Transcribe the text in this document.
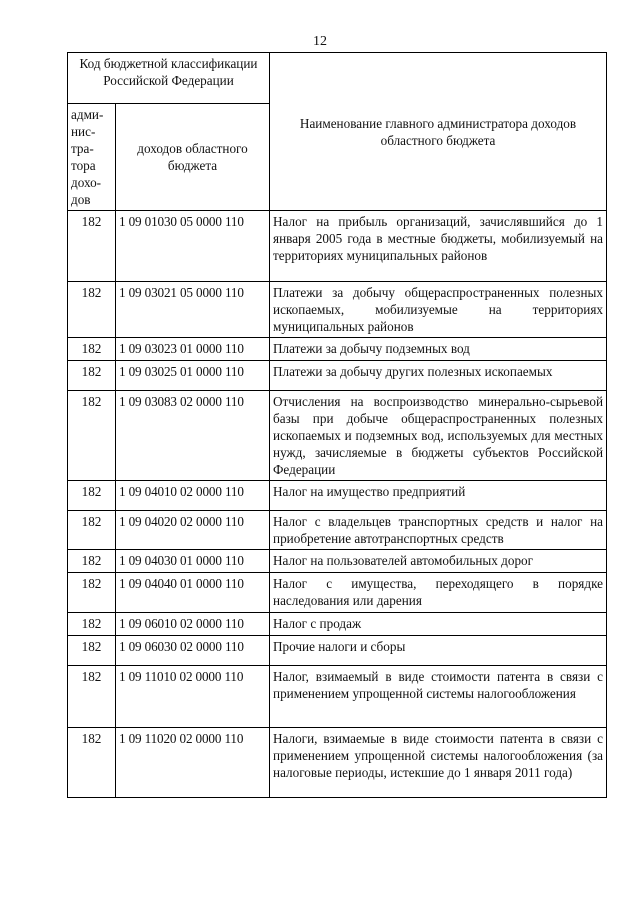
12
Код бюджетной классификации Российской Федерации		Наименование главного администратора доходов областного бюджета
адми-нис-тра-тора дохо-дов	доходов областного бюджета	
182	1 09 01030 05 0000 110	Налог на прибыль организаций, зачислявшийся до 1 января 2005 года в местные бюджеты, мобилизуемый на территориях муниципальных районов
182	1 09 03021 05 0000 110	Платежи за добычу общераспространенных полезных ископаемых, мобилизуемые на территориях муниципальных районов
182	1 09 03023 01 0000 110	Платежи за добычу подземных вод
182	1 09 03025 01 0000 110	Платежи за добычу других полезных ископаемых
182	1 09 03083 02 0000 110	Отчисления на воспроизводство минерально-сырьевой базы при добыче общераспространенных полезных ископаемых и подземных вод, используемых для местных нужд, зачисляемые в бюджеты субъектов Российской Федерации
182	1 09 04010 02 0000 110	Налог на имущество предприятий
182	1 09 04020 02 0000 110	Налог с владельцев транспортных средств и налог на приобретение автотранспортных средств
182	1 09 04030 01 0000 110	Налог на пользователей автомобильных дорог
182	1 09 04040 01 0000 110	Налог с имущества, переходящего в порядке наследования или дарения
182	1 09 06010 02 0000 110	Налог с продаж
182	1 09 06030 02 0000 110	Прочие налоги и сборы
182	1 09 11010 02 0000 110	Налог, взимаемый в виде стоимости патента в связи с применением упрощенной системы налогообложения
182	1 09 11020 02 0000 110	Налоги, взимаемые в виде стоимости патента в связи с применением упрощенной системы налогообложения (за налоговые периоды, истекшие до 1 января 2011 года)
